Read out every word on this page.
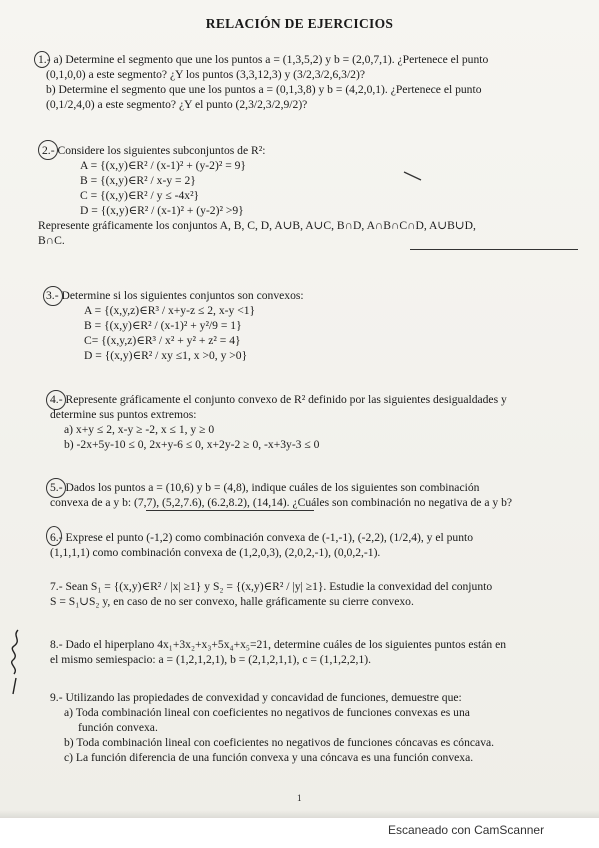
RELACIÓN DE EJERCICIOS

1.- a) Determine el segmento que une los puntos a = (1,3,5,2) y b = (2,0,7,1). ¿Pertenece el punto

(0,1,0,0) a este segmento? ¿Y los puntos (3,3,12,3) y (3/2,3/2,6,3/2)?

b) Determine el segmento que une los puntos a = (0,1,3,8) y b = (4,2,0,1). ¿Pertenece el punto

(0,1/2,4,0) a este segmento? ¿Y el punto (2,3/2,3/2,9/2)?

2.- Considere los siguientes subconjuntos de R²:

A = {(x,y)∈R² / (x-1)² + (y-2)² = 9}

B = {(x,y)∈R² / x-y = 2}

C = {(x,y)∈R² / y ≤ -4x²}

D = {(x,y)∈R² / (x-1)² + (y-2)² >9}

Represente gráficamente los conjuntos A, B, C, D, A∪B, A∪C, B∩D, A∩B∩C∩D, A∪B∪D,

B∩C.

3.- Determine si los siguientes conjuntos son convexos:

A = {(x,y,z)∈R³ / x+y-z ≤ 2, x-y <1}

B = {(x,y)∈R² / (x-1)² + y²/9 = 1}

C= {(x,y,z)∈R³ / x² + y² + z² = 4}

D = {(x,y)∈R² / xy ≤1, x >0, y >0}

4.- Represente gráficamente el conjunto convexo de R² definido por las siguientes desigualdades y

determine sus puntos extremos:

a) x+y ≤ 2, x-y ≥ -2, x ≤ 1, y ≥ 0

b) -2x+5y-10 ≤ 0, 2x+y-6 ≤ 0, x+2y-2 ≥ 0, -x+3y-3 ≤ 0

5.- Dados los puntos a = (10,6) y b = (4,8), indique cuáles de los siguientes son combinación

convexa de a y b: (7,7), (5,2,7.6), (6.2,8.2), (14,14). ¿Cuáles son combinación no negativa de a y b?

6.- Exprese el punto (-1,2) como combinación convexa de (-1,-1), (-2,2), (1/2,4), y el punto

(1,1,1,1) como combinación convexa de (1,2,0,3), (2,0,2,-1), (0,0,2,-1).

7.- Sean S₁ = {(x,y)∈R² / |x| ≥1} y S₂ = {(x,y)∈R² / |y| ≥1}. Estudie la convexidad del conjunto

S = S₁∪S₂ y, en caso de no ser convexo, halle gráficamente su cierre convexo.

8.- Dado el hiperplano 4x₁+3x₂+x₃+5x₄+x₅=21, determine cuáles de los siguientes puntos están en

el mismo semiespacio: a = (1,2,1,2,1), b = (2,1,2,1,1), c = (1,1,2,2,1).

9.- Utilizando las propiedades de convexidad y concavidad de funciones, demuestre que:

a) Toda combinación lineal con coeficientes no negativos de funciones convexas es una

función convexa.

b) Toda combinación lineal con coeficientes no negativos de funciones cóncavas es cóncava.

c) La función diferencia de una función convexa y una cóncava es una función convexa.

1
Escaneado con CamScanner
